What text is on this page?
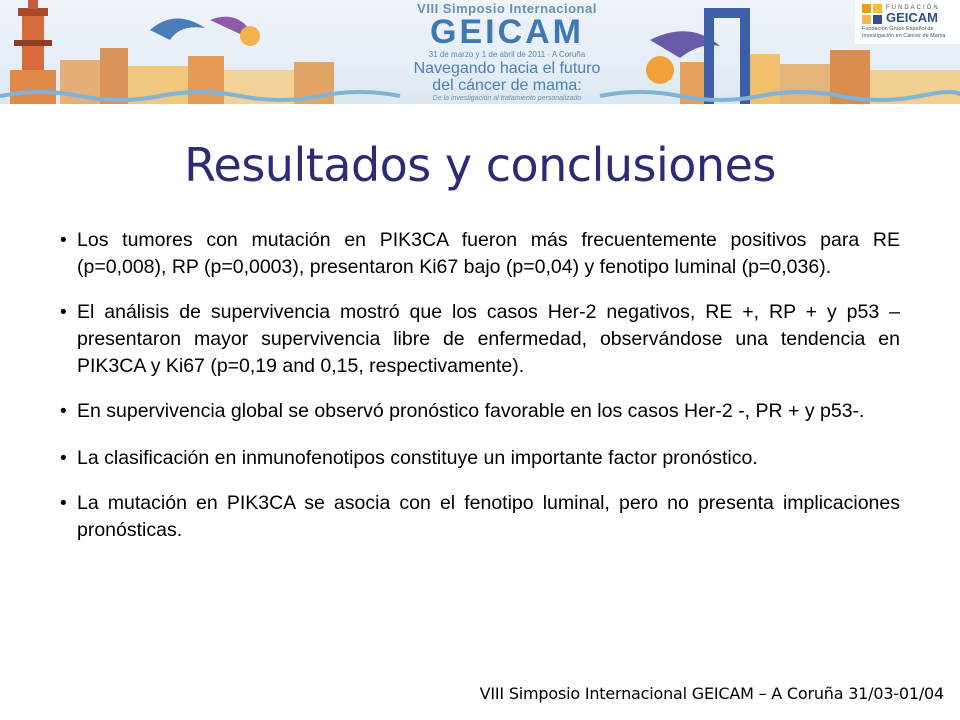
VIII Simposio Internacional
GEICAM
31 de marzo y 1 de abril de 2011 · A Coruña
Navegando hacia el futuro
del cáncer de mama:
De la investigación al tratamiento personalizado
FUNDACIÓN
GEICAM
Fundación Grupo Español de Investigación en Cáncer de Mama
Resultados y conclusiones
• Los tumores con mutación en PIK3CA fueron más frecuentemente positivos para RE (p=0,008), RP (p=0,0003), presentaron Ki67 bajo (p=0,04) y fenotipo luminal (p=0,036).
• El análisis de supervivencia mostró que los casos Her-2 negativos, RE +, RP + y p53 – presentaron mayor supervivencia libre de enfermedad, observándose una tendencia en PIK3CA y Ki67 (p=0,19 and 0,15, respectivamente).
• En supervivencia global se observó pronóstico favorable en los casos Her-2 -, PR + y p53-.
• La clasificación en inmunofenotipos constituye un importante factor pronóstico.
• La mutación en PIK3CA se asocia con el fenotipo luminal, pero no presenta implicaciones pronósticas.
VIII Simposio Internacional GEICAM – A Coruña 31/03-01/04
